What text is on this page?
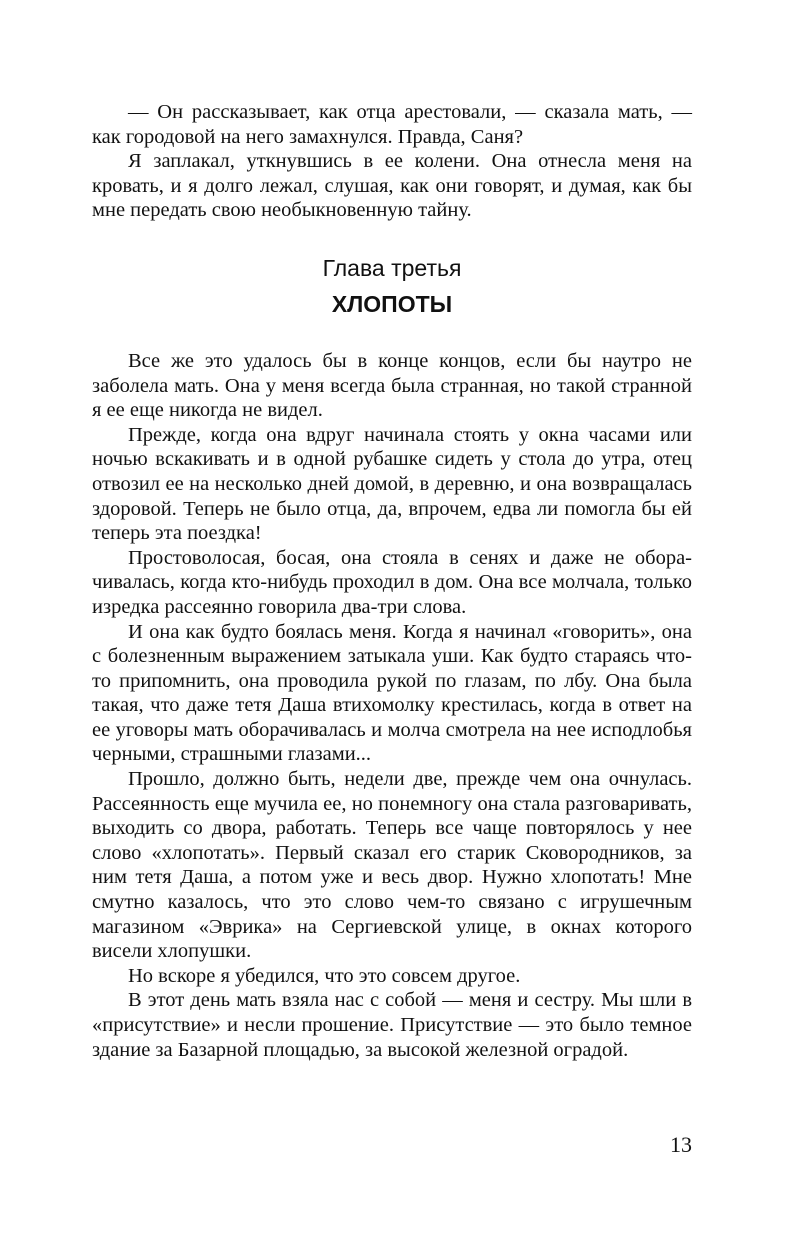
— Он рассказывает, как отца арестовали, — сказала мать, — как городовой на него замахнулся. Правда, Саня?

Я заплакал, уткнувшись в ее колени. Она отнесла меня на кровать, и я долго лежал, слушая, как они говорят, и думая, как бы мне передать свою необыкновенную тайну.

Глава третья
ХЛОПОТЫ

Все же это удалось бы в конце концов, если бы наутро не заболела мать. Она у меня всегда была странная, но такой странной я ее еще никогда не видел.

Прежде, когда она вдруг начинала стоять у окна часами или ночью вскакивать и в одной рубашке сидеть у стола до утра, отец отвозил ее на несколько дней домой, в деревню, и она возвращалась здоровой. Теперь не было отца, да, впрочем, едва ли помогла бы ей теперь эта поездка!

Простоволосая, босая, она стояла в сенях и даже не оборачивалась, когда кто-нибудь проходил в дом. Она все молчала, только изредка рассеянно говорила два-три слова.

И она как будто боялась меня. Когда я начинал «говорить», она с болезненным выражением затыкала уши. Как будто стараясь что-то припомнить, она проводила рукой по глазам, по лбу. Она была такая, что даже тетя Даша втихомолку крестилась, когда в ответ на ее уговоры мать оборачивалась и молча смотрела на нее исподлобья черными, страшными глазами...

Прошло, должно быть, недели две, прежде чем она очнулась. Рассеянность еще мучила ее, но понемногу она стала разговаривать, выходить со двора, работать. Теперь все чаще повторялось у нее слово «хлопотать». Первый сказал его старик Сковородников, за ним тетя Даша, а потом уже и весь двор. Нужно хлопотать! Мне смутно казалось, что это слово чем-то связано с игрушечным магазином «Эврика» на Сергиевской улице, в окнах которого висели хлопушки.

Но вскоре я убедился, что это совсем другое.

В этот день мать взяла нас с собой — меня и сестру. Мы шли в «присутствие» и несли прошение. Присутствие — это было темное здание за Базарной площадью, за высокой железной оградой.

13
